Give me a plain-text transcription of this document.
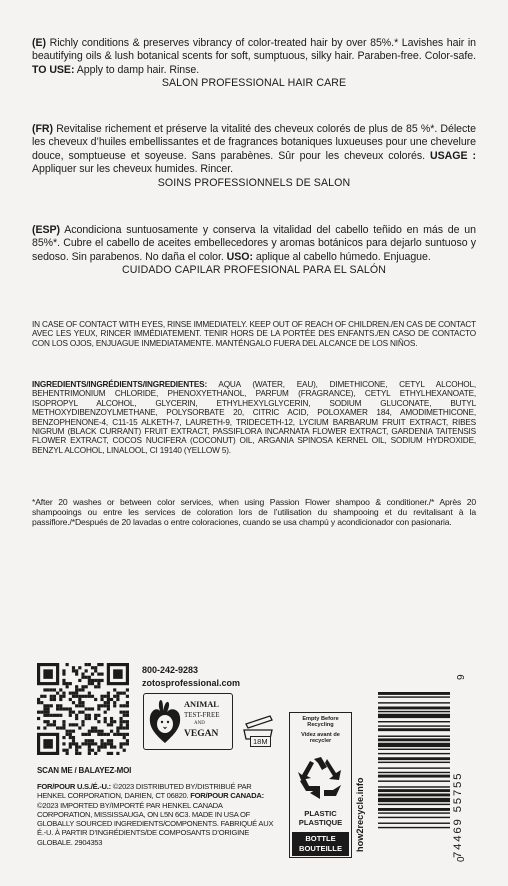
(E) Richly conditions & preserves vibrancy of color-treated hair by over 85%.* Lavishes hair in beautifying oils & lush botanical scents for soft, sumptuous, silky hair. Paraben-free. Color-safe. TO USE: Apply to damp hair. Rinse.
SALON PROFESSIONAL HAIR CARE
(FR) Revitalise richement et préserve la vitalité des cheveux colorés de plus de 85 %*. Délecte les cheveux d’huiles embellissantes et de fragrances botaniques luxueuses pour une chevelure douce, somptueuse et soyeuse. Sans parabènes. Sûr pour les cheveux colorés. USAGE : Appliquer sur les cheveux humides. Rincer.
SOINS PROFESSIONNELS DE SALON
(ESP) Acondiciona suntuosamente y conserva la vitalidad del cabello teñido en más de un 85%*. Cubre el cabello de aceites embellecedores y aromas botánicos para dejarlo suntuoso y sedoso. Sin parabenos. No daña el color. USO: aplique al cabello húmedo. Enjuague.
CUIDADO CAPILAR PROFESIONAL PARA EL SALÓN
IN CASE OF CONTACT WITH EYES, RINSE IMMEDIATELY. KEEP OUT OF REACH OF CHILDREN./EN CAS DE CONTACT AVEC LES YEUX, RINCER IMMÉDIATEMENT. TENIR HORS DE LA PORTÉE DES ENFANTS./EN CASO DE CONTACTO CON LOS OJOS, ENJUAGUE INMEDIATAMENTE. MANTÉNGALO FUERA DEL ALCANCE DE LOS NIÑOS.
INGREDIENTS/INGRÉDIENTS/INGREDIENTES: AQUA (WATER, EAU), DIMETHICONE, CETYL ALCOHOL, BEHENTRIMONIUM CHLORIDE, PHENOXYETHANOL, PARFUM (FRAGRANCE), CETYL ETHYLHEXANOATE, ISOPROPYL ALCOHOL, GLYCERIN, ETHYLHEXYLGLYCERIN, SODIUM GLUCONATE, BUTYL METHOXYDIBENZOYLMETHANE, POLYSORBATE 20, CITRIC ACID, POLOXAMER 184, AMODIMETHICONE, BENZOPHENONE-4, C11-15 ALKETH-7, LAURETH-9, TRIDECETH-12, LYCIUM BARBARUM FRUIT EXTRACT, RIBES NIGRUM (BLACK CURRANT) FRUIT EXTRACT, PASSIFLORA INCARNATA FLOWER EXTRACT, GARDENIA TAITENSIS FLOWER EXTRACT, COCOS NUCIFERA (COCONUT) OIL, ARGANIA SPINOSA KERNEL OIL, SODIUM HYDROXIDE, BENZYL ALCOHOL, LINALOOL, CI 19140 (YELLOW 5).
*After 20 washes or between color services, when using Passion Flower shampoo & conditioner./* Après 20 shampooings ou entre les services de coloration lors de l’utilisation du shampooing et du revitalisant à la passiflore./*Después de 20 lavadas o entre coloraciones, cuando se usa champú y acondicionador con pasionaria.
SCAN ME / BALAYEZ-MOI
FOR/POUR U.S./É.-U.: ©2023 DISTRIBUTED BY/DISTRIBUÉ PAR HENKEL CORPORATION, DARIEN, CT 06820. FOR/POUR CANADA: ©2023 IMPORTED BY/IMPORTÉ PAR HENKEL CANADA CORPORATION, MISSISSAUGA, ON L5N 6C3. MADE IN USA OF GLOBALLY SOURCED INGREDIENTS/COMPONENTS. FABRIQUÉ AUX É.-U. À PARTIR D’INGRÉDIENTS/DE COMPOSANTS D’ORIGINE GLOBALE. 2904353
800-242-9283
zotosprofessional.com
ANIMAL
TEST-FREE
AND
VEGAN
18M
Empty Before Recycling
Videz avant de recycler
PLASTIC PLASTIQUE
BOTTLE BOUTEILLE	how2recycle.info
9
74469 55755
0
